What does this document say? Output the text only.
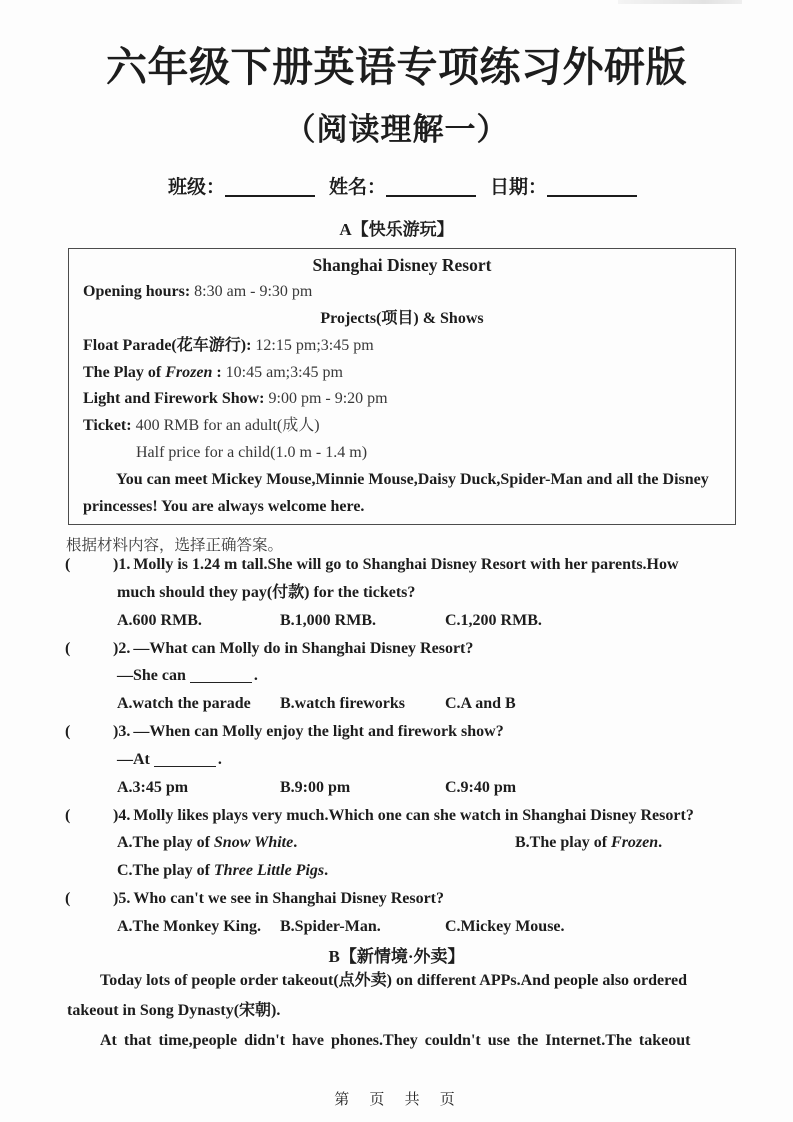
六年级下册英语专项练习外研版
（阅读理解一）
班级：	姓名：	日期：
A【快乐游玩】
Shanghai Disney Resort
Opening hours: 8:30 am - 9:30 pm
Projects(项目) & Shows
Float Parade(花车游行): 12:15 pm;3:45 pm
The Play of Frozen : 10:45 am;3:45 pm
Light and Firework Show: 9:00 pm - 9:20 pm
Ticket: 400 RMB for an adult(成人)
Half price for a child(1.0 m - 1.4 m)
You can meet Mickey Mouse,Minnie Mouse,Daisy Duck,Spider-Man and all the Disney
princesses! You are always welcome here.
根据材料内容，选择正确答案。
(	)1. Molly is 1.24 m tall.She will go to Shanghai Disney Resort with her parents.How
much should they pay(付款) for the tickets?
A.600 RMB.	B.1,000 RMB.	C.1,200 RMB.
(	)2. —What can Molly do in Shanghai Disney Resort?
—She can	.
A.watch the parade	B.watch fireworks	C.A and B
(	)3. —When can Molly enjoy the light and firework show?
—At	.
A.3:45 pm	B.9:00 pm	C.9:40 pm
(	)4. Molly likes plays very much.Which one can she watch in Shanghai Disney Resort?
A.The play of Snow White.	B.The play of Frozen.
C.The play of Three Little Pigs.
(	)5. Who can't we see in Shanghai Disney Resort?
A.The Monkey King.	B.Spider-Man.	C.Mickey Mouse.
B【新情境·外卖】
Today lots of people order takeout(点外卖) on different APPs.And people also ordered
takeout in Song Dynasty(宋朝).
At that time,people didn't have phones.They couldn't use the Internet.The takeout
第 页 共 页
